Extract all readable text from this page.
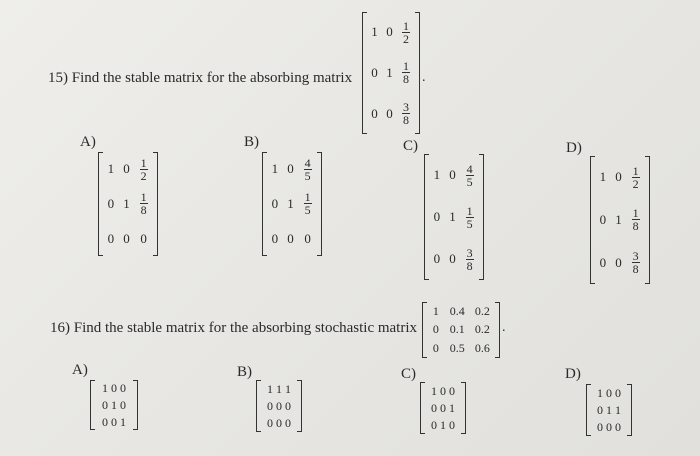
15) Find the stable matrix for the absorbing matrix
1 $0 \frac{1}{2}$
0 $1 \frac{1}{8}$
0 $0 \frac{3}{8}$
.
A)	B)	C)	D)
1 $0 \frac{1}{2}$
0 $1 \frac{1}{8}$
0 0 0
1 $0 \frac{4}{5}$
0 $1 \frac{1}{5}$
0 0 0
1 $0 \frac{4}{5}$
0 $1 \frac{1}{5}$
0 $0 \frac{3}{8}$
1 $0 \frac{1}{2}$
0 $1 \frac{1}{8}$
0 $0 \frac{3}{8}$
16) Find the stable matrix for the absorbing stochastic matrix
1 0.4 0.2
0 0.1 0.2
0 0.5 0.6
.
A)	B)	C)	D)
1 0 0
0 1 0
0 0 1
1 1 1
0 0 0
0 0 0
1 0 0
0 0 1
0 1 0
1 0 0
0 1 1
0 0 0
